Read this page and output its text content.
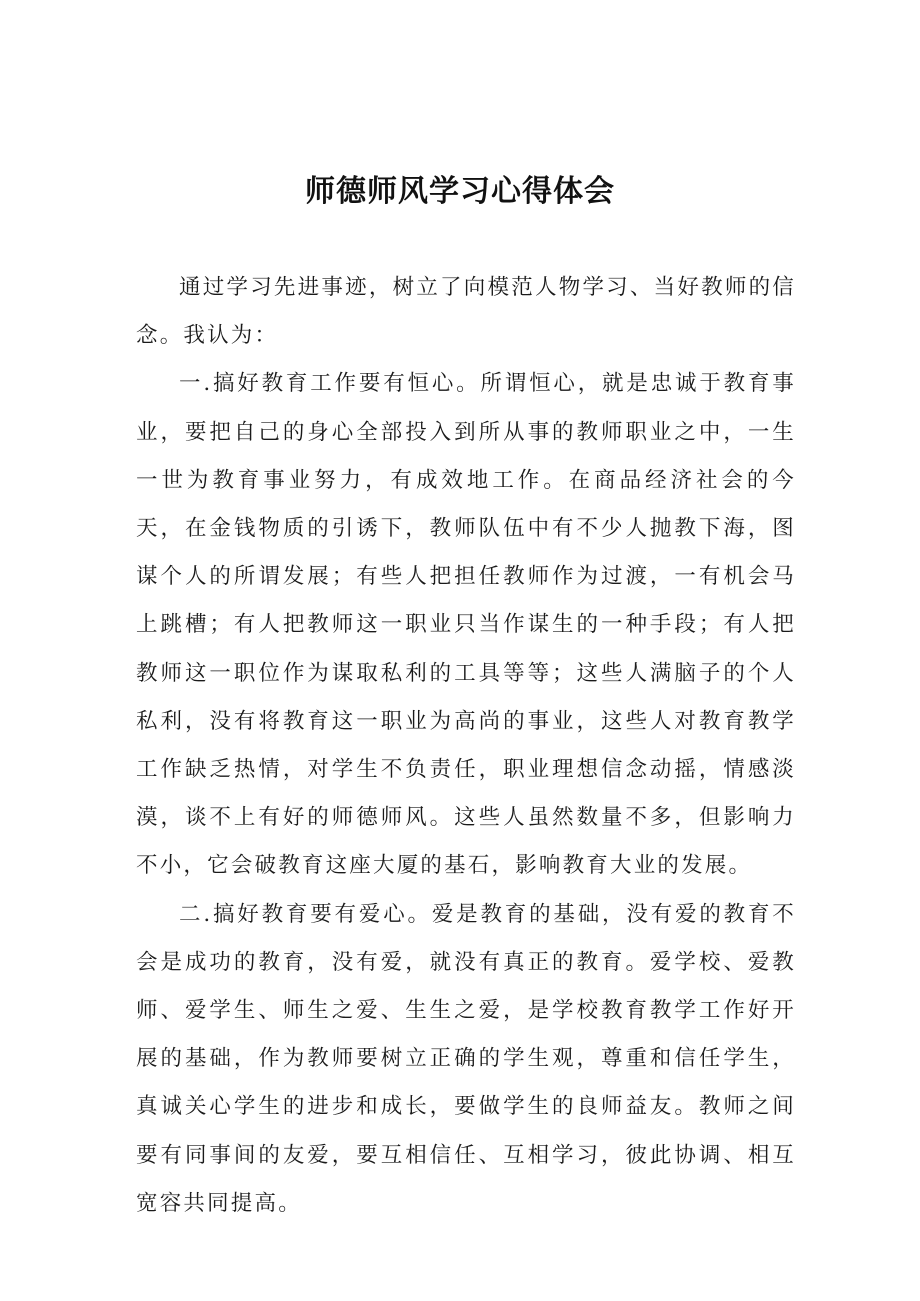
师德师风学习心得体会

通过学习先进事迹，树立了向模范人物学习、当好教师的信念。我认为：

一.搞好教育工作要有恒心。所谓恒心，就是忠诚于教育事业，要把自己的身心全部投入到所从事的教师职业之中，一生一世为教育事业努力，有成效地工作。在商品经济社会的今天，在金钱物质的引诱下，教师队伍中有不少人抛教下海，图谋个人的所谓发展；有些人把担任教师作为过渡，一有机会马上跳槽；有人把教师这一职业只当作谋生的一种手段；有人把教师这一职位作为谋取私利的工具等等；这些人满脑子的个人私利，没有将教育这一职业为高尚的事业，这些人对教育教学工作缺乏热情，对学生不负责任，职业理想信念动摇，情感淡漠，谈不上有好的师德师风。这些人虽然数量不多，但影响力不小，它会破教育这座大厦的基石，影响教育大业的发展。

二.搞好教育要有爱心。爱是教育的基础，没有爱的教育不会是成功的教育，没有爱，就没有真正的教育。爱学校、爱教师、爱学生、师生之爱、生生之爱，是学校教育教学工作好开展的基础，作为教师要树立正确的学生观，尊重和信任学生，真诚关心学生的进步和成长，要做学生的良师益友。教师之间要有同事间的友爱，要互相信任、互相学习，彼此协调、相互宽容共同提高。
